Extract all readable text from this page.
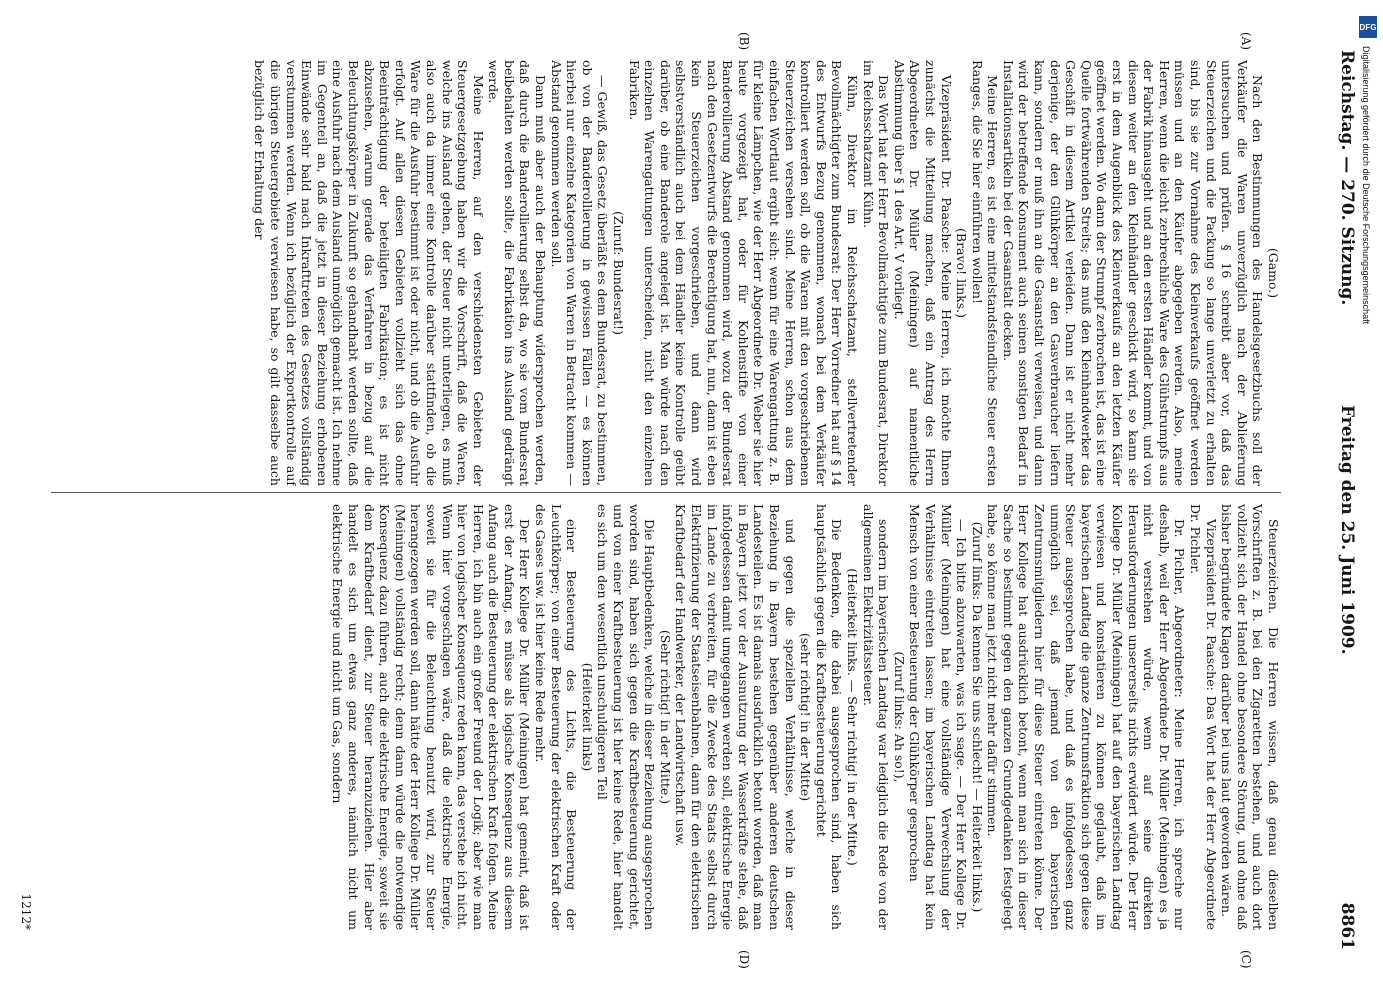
Reichstag. — 270. Sitzung.
Freitag den 25. Juni 1909.
8861
(A)
(B)
(C)
(D)

(Gamo.)

Nach den Bestimmungen des Handelsgesetzbuchs soll der Verkäufer die Waren unverzüglich nach der Ablieferung untersuchen und prüfen. § 16 schreibt aber vor, daß das Steuerzeichen und die Packung so lange unverletzt zu erhalten sind, bis sie zur Vornahme des Kleinverkaufs geöffnet werden müssen und an den Käufer abgegeben werden. Also, meine Herren, wenn die leicht zerbrechliche Ware des Glühstrumpfs aus der Fabrik hinausgeht und an den ersten Händler kommt, und von diesem weiter an den Kleinhändler geschickt wird, so kann sie erst in dem Augenblick des Kleinverkaufs an den letzten Käufer geöffnet werden. Wo dann der Strumpf zerbrochen ist, das ist eine Quelle fortwährenden Streits; das muß den Kleinhandwerker das Geschäft in diesem Artikel verleiden. Dann ist er nicht mehr derjenige, der den Glühkörper an den Gasverbraucher liefern kann, sondern er muß ihn an die Gasanstalt verweisen, und dann wird der betreffende Konsument auch seinen sonstigen Bedarf in Installationsartikeln bei der Gasanstalt decken.

Meine Herren, es ist eine mittelstandsfeindliche Steuer ersten Ranges, die Sie hier einführen wollen!

(Bravo! links.)

Vizepräsident Dr. Paasche: Meine Herren, ich möchte Ihnen zunächst die Mitteilung machen, daß ein Antrag des Herrn Abgeordneten Dr. Müller (Meiningen) auf namentliche Abstimmung über § 1 des Art. V vorliegt.

Das Wort hat der Herr Bevollmächtigte zum Bundesrat, Direktor im Reichsschatzamt Kühn.

Kühn, Direktor im Reichsschatzamt, stellvertretender Bevollmächtigter zum Bundesrat: Der Herr Vorredner hat auf § 14 des Entwurfs Bezug genommen, wonach bei dem Verkäufer kontrolliert werden soll, ob die Waren mit den vorgeschriebenen Steuerzeichen versehen sind. Meine Herren, schon aus dem einfachen Wortlaut ergibt sich: wenn für eine Warengattung z. B. für kleine Lämpchen, wie der Herr Abgeordnete Dr. Weber sie hier heute vorgezeigt hat, oder für Kohlenstifte von einer Banderollierung Abstand genommen wird, wozu der Bundesrat nach den Gesetzentwurfs die Berechtigung hat, nun, dann ist eben kein Steuerzeichen vorgeschrieben, und dann wird selbstverständlich auch bei dem Händler keine Kontrolle geübt darüber, ob eine Banderole angelegt ist. Man würde nach den einzelnen Warengattungen unterscheiden, nicht den einzelnen Fabriken.

(Zuruf: Bundesrat!)

— Gewiß, das Gesetz überläßt es dem Bundesrat, zu bestimmen, ob von der Banderollierung in gewissen Fällen — es können hierbei nur einzelne Kategorien von Waren in Betracht kommen — Abstand genommen werden soll.

Dann muß aber auch der Behauptung widersprochen werden, daß durch die Banderollierung selbst da, wo sie vom Bundesrat beibehalten werden sollte, die Fabrikation ins Ausland gedrängt werde.

Meine Herren, auf den verschiedensten Gebieten der Steuergesetzgebung haben wir die Vorschrift, daß die Waren, welche ins Ausland gehen, der Steuer nicht unterliegen, es muß also auch da immer eine Kontrolle darüber stattfinden, ob die Ware für die Ausfuhr bestimmt ist oder nicht, und ob die Ausfuhr erfolgt. Auf allen diesen Gebieten vollzieht sich das ohne Beeinträchtigung der beteiligten Fabrikation; es ist nicht abzusehen, warum gerade das Verfahren in bezug auf die Beleuchtungskörper in Zukunft so gehandhabt werden sollte, daß eine Ausfuhr nach dem Ausland unmöglich gemacht ist. Ich nehme im Gegenteil an, daß die jetzt in dieser Beziehung erhobenen Einwände sehr bald nach Inkrafttreten des Gesetzes vollständig verstummen werden. Wenn ich bezüglich der Exportkontrolle auf die übrigen Steuergebiete verwiesen habe, so gilt dasselbe auch bezüglich der Erhaltung der

Steuerzeichen. Die Herren wissen, daß genau dieselben Vorschriften z. B. bei den Zigaretten bestehen, und auch dort vollzieht sich der Handel ohne besondere Störung, und ohne daß bisher begründete Klagen darüber bei uns laut geworden wären.

Vizepräsident Dr. Paasche: Das Wort hat der Herr Abgeordnete Dr. Pichler.

Dr. Pichler, Abgeordneter: Meine Herren, ich spreche nur deshalb, weil der Herr Abgeordnete Dr. Müller (Meiningen) es ja nicht verstehen würde, wenn auf seine direkten Herausforderungen unsererseits nichts erwidert würde. Der Herr Kollege Dr. Müller (Meiningen) hat auf den bayerischen Landtag verwiesen und konstatieren zu können geglaubt, daß im bayerischen Landtag die ganze Zentrumsfraktion sich gegen diese Steuer ausgesprochen habe, und daß es infolgedessen ganz unmöglich sei, daß jemand von den bayerischen Zentrumsmitgliedern hier für diese Steuer eintreten könne. Der Herr Kollege hat ausdrücklich betont, wenn man sich in dieser Sache so bestimmt gegen den ganzen Grundgedanken festgelegt habe, so könne man jetzt nicht mehr dafür stimmen.

(Zuruf links: Da kennen Sie uns schlecht! — Heiterkeit links.)

— Ich bitte abzuwarten, was ich sage. — Der Herr Kollege Dr. Müller (Meiningen) hat eine vollständige Verwechslung der Verhältnisse eintreten lassen; im bayerischen Landtag hat kein Mensch von einer Besteuerung der Glühkörper gesprochen

(Zuruf links: Ah so!),

sondern im bayerischen Landtag war lediglich die Rede von der allgemeinen Elektrizitätssteuer.

(Heiterkeit links. — Sehr richtig! in der Mitte.)

Die Bedenken, die dabei ausgesprochen sind, haben sich hauptsächlich gegen die Kraftbesteuerung gerichtet

(sehr richtig! in der Mitte)

und gegen die speziellen Verhältnisse, welche in dieser Beziehung in Bayern bestehen gegenüber anderen deutschen Landesteilen. Es ist damals ausdrücklich betont worden, daß man in Bayern jetzt vor der Ausnutzung der Wasserkräfte stehe, daß infolgedessen damit umgegangen werden soll, elektrische Energie im Lande zu verbreiten, für die Zwecke des Staats selbst durch Elektrifizierung der Staatseisenbahnen, dann für den elektrischen Kraftbedarf der Handwerker, der Landwirtschaft usw.

(Sehr richtig! in der Mitte.)

Die Hauptbedenken, welche in dieser Beziehung ausgesprochen worden sind, haben sich gegen die Kraftbesteuerung gerichtet, und von einer Kraftbesteuerung ist hier keine Rede, hier handelt es sich um den wesentlich unschuldigeren Teil

(Heiterkeit links)

einer Besteuerung des Lichts, die Besteuerung der Leuchtkörper; von einer Besteuerung der elektrischen Kraft oder des Gases usw. ist hier keine Rede mehr.

Der Herr Kollege Dr. Müller (Meiningen) hat gemeint, daß ist erst der Anfang, es müsse als logische Konsequenz aus diesem Anfang auch die Besteuerung der elektrischen Kraft folgen. Meine Herren, ich bin auch ein großer Freund der Logik; aber wie man hier von logischer Konsequenz reden kann, das verstehe ich nicht. Wenn hier vorgeschlagen wäre, daß die elektrische Energie, soweit sie für die Beleuchtung benutzt wird, zur Steuer herangezogen werden soll, dann hätte der Herr Kollege Dr. Müller (Meiningen) vollständig recht; denn dann würde die notwendige Konsequenz dazu führen, auch die elektrische Energie, soweit sie dem Kraftbedarf dient, zur Steuer heranzuziehen. Hier aber handelt es sich um etwas ganz anderes, nämlich nicht um elektrische Energie und nicht um Gas, sondern

1212*
DFG
Digitalisierung gefördert durch die Deutsche Forschungsgemeinschaft
